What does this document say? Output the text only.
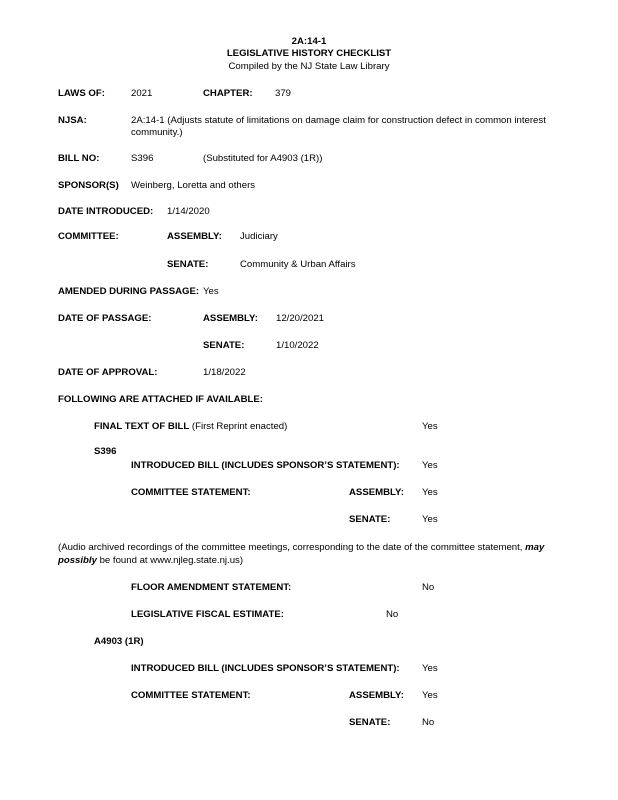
2A:14-1
LEGISLATIVE HISTORY CHECKLIST
Compiled by the NJ State Law Library
LAWS OF:	2021	CHAPTER: 379
NJSA:	2A:14-1 (Adjusts statute of limitations on damage claim for construction defect in common interest
community.)
BILL NO:	S396	(Substituted for A4903 (1R))
SPONSOR(S) Weinberg, Loretta and others
DATE INTRODUCED: 1/14/2020
COMMITTEE:	ASSEMBLY: Judiciary
SENATE:	Community & Urban Affairs
AMENDED DURING PASSAGE: Yes
DATE OF PASSAGE:	ASSEMBLY: 12/20/2021
SENATE:	1/10/2022
DATE OF APPROVAL:	1/18/2022
FOLLOWING ARE ATTACHED IF AVAILABLE:
FINAL TEXT OF BILL (First Reprint enacted)	Yes
S396
INTRODUCED BILL (INCLUDES SPONSOR’S STATEMENT): Yes
COMMITTEE STATEMENT:	ASSEMBLY: Yes
SENATE:	Yes
(Audio archived recordings of the committee meetings, corresponding to the date of the committee statement, may
possibly be found at www.njleg.state.nj.us)
FLOOR AMENDMENT STATEMENT:	No
LEGISLATIVE FISCAL ESTIMATE:	No
A4903 (1R)
INTRODUCED BILL (INCLUDES SPONSOR’S STATEMENT): Yes
COMMITTEE STATEMENT:	ASSEMBLY: Yes
SENATE:	No
